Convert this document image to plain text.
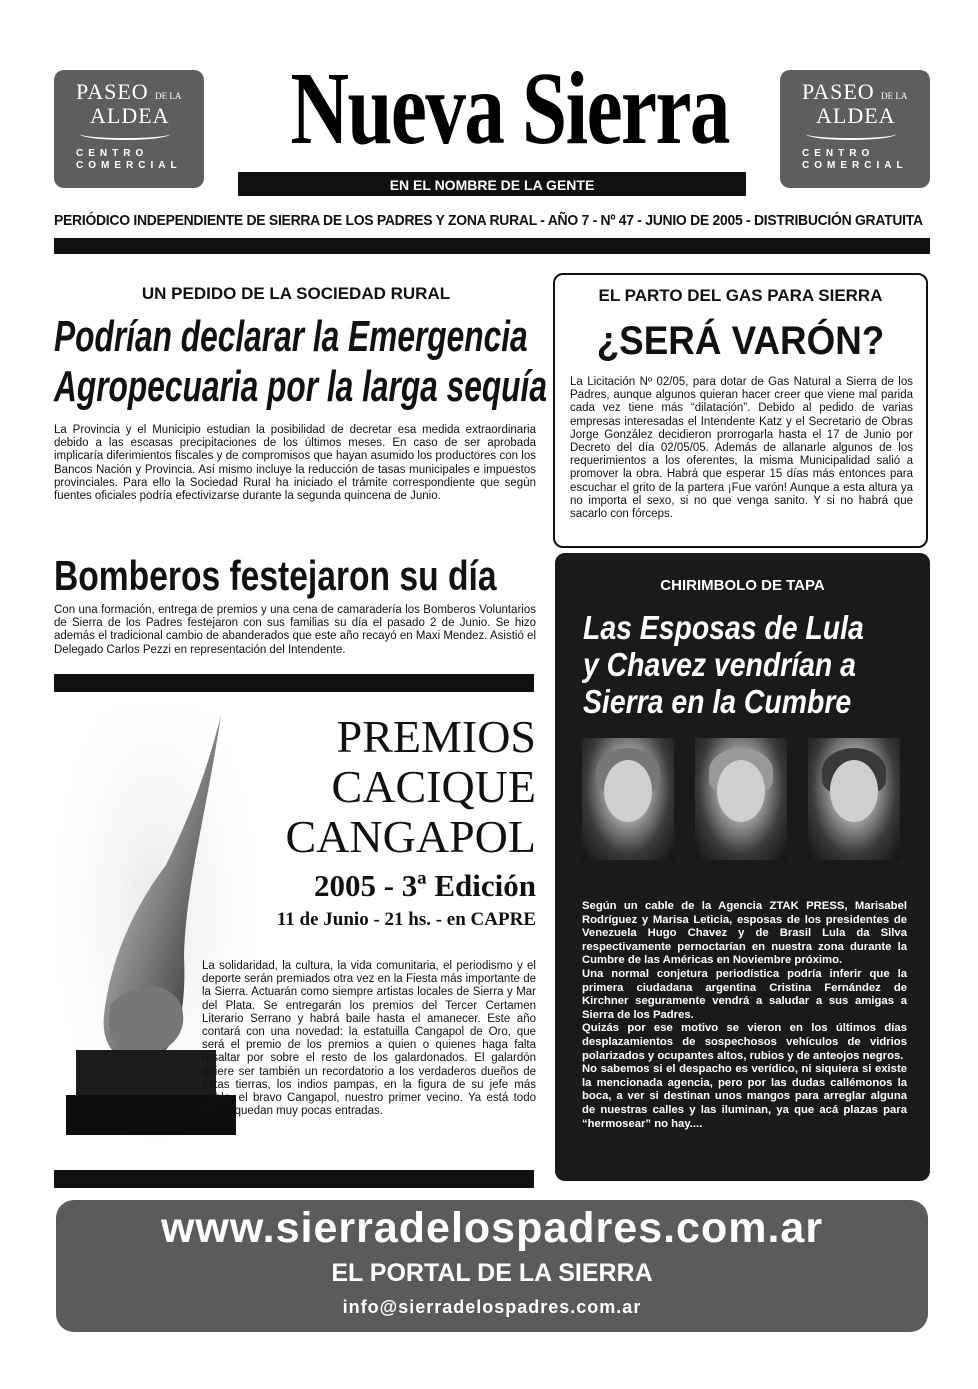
PASEO DE LA
ALDEA
CENTRO
COMERCIAL
PASEO DE LA
ALDEA
CENTRO
COMERCIAL
Nueva Sierra
EN EL NOMBRE DE LA GENTE
PERIÓDICO INDEPENDIENTE DE SIERRA DE LOS PADRES Y ZONA RURAL - AÑO 7 - Nº 47 - JUNIO DE 2005 - DISTRIBUCIÓN GRATUITA
UN PEDIDO DE LA SOCIEDAD RURAL
Podrían declarar la Emergencia
Agropecuaria por la larga sequía
La Provincia y el Municipio estudian la posibilidad de decretar esa medida extraordinaria debido a las escasas precipitaciones de los últimos meses. En caso de ser aprobada implicaría diferimientos fiscales y de compromisos que hayan asumido los productores con los Bancos Nación y Provincia. Así mismo incluye la reducción de tasas municipales e impuestos provinciales. Para ello la Sociedad Rural ha iniciado el trámite correspondiente que según fuentes oficiales podría efectivizarse durante la segunda quincena de Junio.
EL PARTO DEL GAS PARA SIERRA
¿SERÁ VARÓN?
La Licitación Nº 02/05, para dotar de Gas Natural a Sierra de los Padres, aunque algunos quieran hacer creer que viene mal parida cada vez tiene más “dilatación”. Debido al pedido de varias empresas interesadas el Intendente Katz y el Secretario de Obras Jorge González decidieron prorrogarla hasta el 17 de Junio por Decreto del día 02/05/05. Además de allanarle algunos de los requerimientos a los oferentes, la misma Municipalidad salió a promover la obra. Habrá que esperar 15 días más entonces para escuchar el grito de la partera ¡Fue varón! Aunque a esta altura ya no importa el sexo, si no que venga sanito. Y si no habrá que sacarlo con fórceps.
Bomberos festejaron su día
Con una formación, entrega de premios y una cena de camaradería los Bomberos Voluntarios de Sierra de los Padres festejaron con sus familias su día el pasado 2 de Junio. Se hizo además el tradicional cambio de abanderados que este año recayó en Maxi Mendez. Asistió el Delegado Carlos Pezzi en representación del Intendente.
PREMIOS
CACIQUE
CANGAPOL
2005 - 3ª Edición
11 de Junio - 21 hs. - en CAPRE
La solidaridad, la cultura, la vida comunitaria, el periodismo y el deporte serán premiados otra vez en la Fiesta más importante de la Sierra. Actuarán como siempre artistas locales de Sierra y Mar del Plata. Se entregarán los premios del Tercer Certamen Literario Serrano y habrá baile hasta el amanecer. Este año contará con una novedad: la estatuilla Cangapol de Oro, que será el premio de los premios a quien o quienes haga falta resaltar por sobre el resto de los galardonados. El galardón quiere ser también un recordatorio a los verdaderos dueños de estas tierras, los indios pampas, en la figura de su jefe más noble, el bravo Cangapol, nuestro primer vecino. Ya está todo listo y quedan muy pocas entradas.
CHIRIMBOLO DE TAPA
Las Esposas de Lula
y Chavez vendrían a
Sierra en la Cumbre
Según un cable de la Agencia ZTAK PRESS, Marisabel Rodríguez y Marisa Leticia, esposas de los presidentes de Venezuela Hugo Chavez y de Brasil Lula da Silva respectivamente pernoctarían en nuestra zona durante la Cumbre de las Américas en Noviembre próximo.
Una normal conjetura periodística podría inferir que la primera ciudadana argentina Cristina Fernández de Kirchner seguramente vendrá a saludar a sus amigas a Sierra de los Padres.
Quizás por ese motivo se vieron en los últimos días desplazamientos de sospechosos vehículos de vidrios polarizados y ocupantes altos, rubios y de anteojos negros.
No sabemos si el despacho es verídico, ni siquiera si existe la mencionada agencia, pero por las dudas callémonos la boca, a ver si destinan unos mangos para arreglar alguna de nuestras calles y las iluminan, ya que acá plazas para “hermosear” no hay....
www.sierradelospadres.com.ar
EL PORTAL DE LA SIERRA
info@sierradelospadres.com.ar
